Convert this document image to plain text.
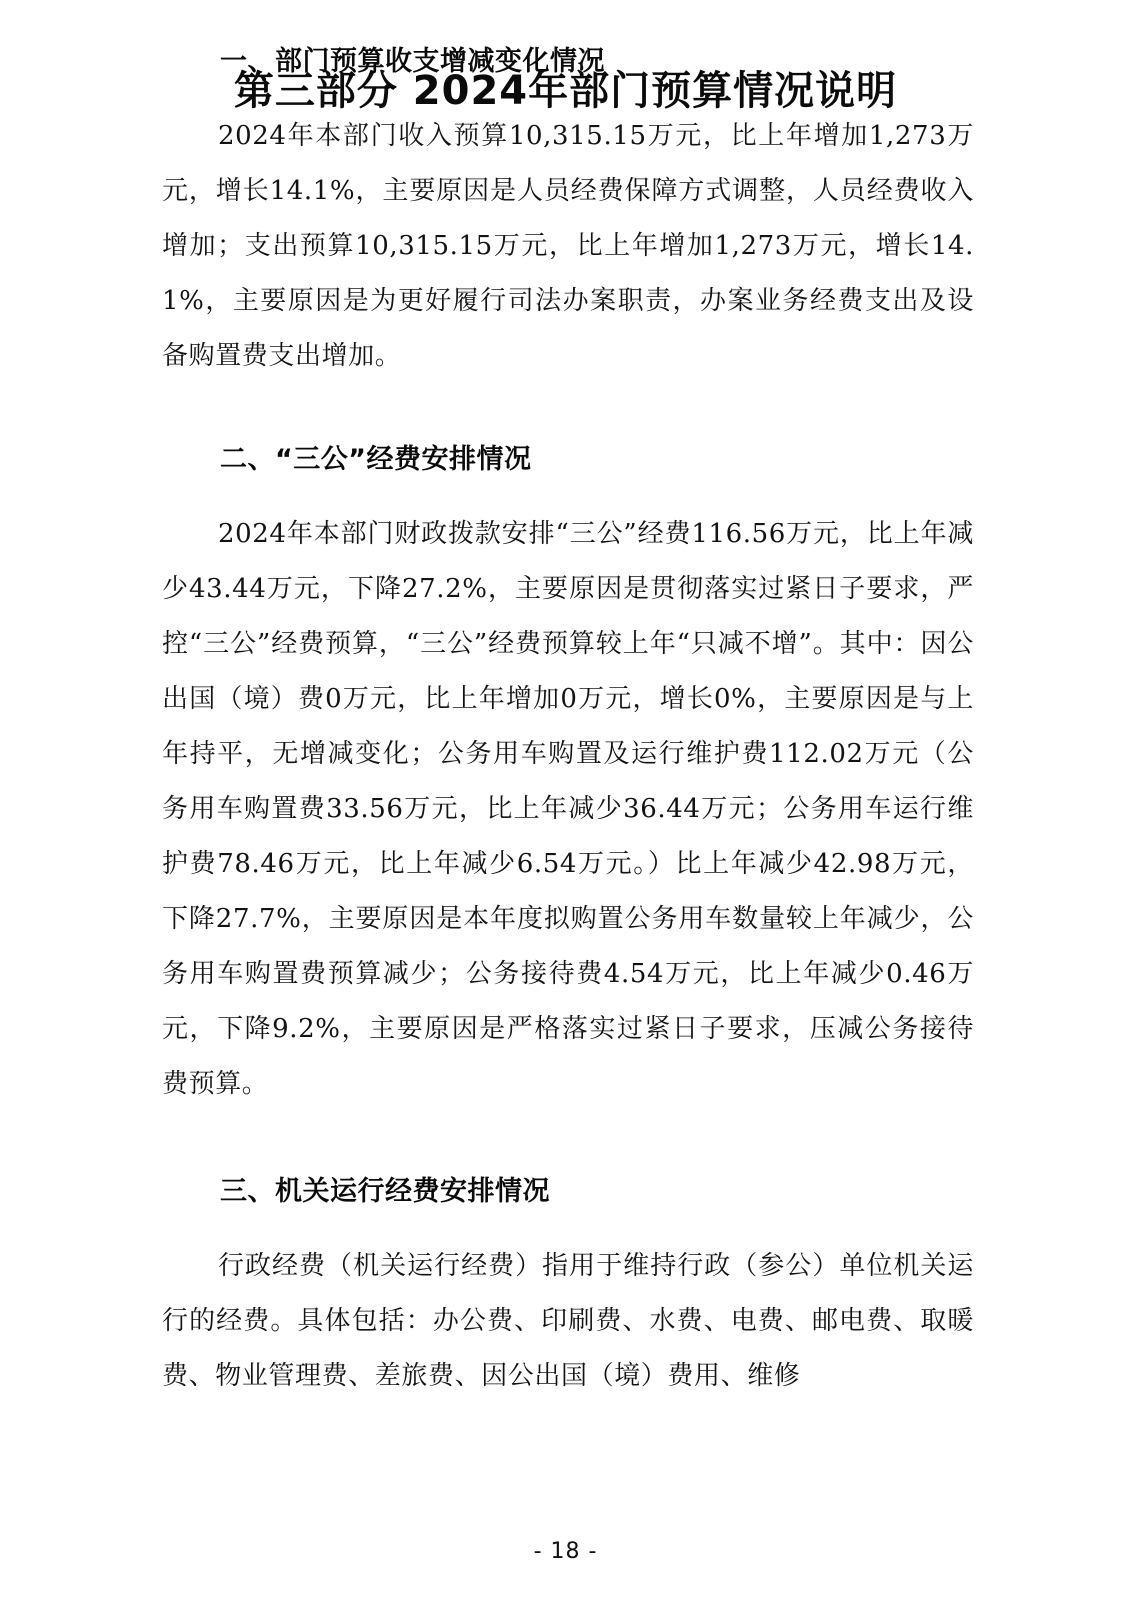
第三部分 2024年部门预算情况说明
一、部门预算收支增减变化情况

2024年本部门收入预算10,315.15万元，比上年增加1,273万元，增长14.1%，主要原因是人员经费保障方式调整，人员经费收入增加；支出预算10,315.15万元，比上年增加1,273万元，增长14.1%，主要原因是为更好履行司法办案职责，办案业务经费支出及设备购置费支出增加。

二、“三公”经费安排情况

2024年本部门财政拨款安排“三公”经费116.56万元，比上年减少43.44万元，下降27.2%，主要原因是贯彻落实过紧日子要求，严控“三公”经费预算，“三公”经费预算较上年“只减不增”。其中：因公出国（境）费0万元，比上年增加0万元，增长0%，主要原因是与上年持平，无增减变化；公务用车购置及运行维护费112.02万元（公务用车购置费33.56万元，比上年减少36.44万元；公务用车运行维护费78.46万元，比上年减少6.54万元。）比上年减少42.98万元，下降27.7%，主要原因是本年度拟购置公务用车数量较上年减少，公务用车购置费预算减少；公务接待费4.54万元，比上年减少0.46万元，下降9.2%，主要原因是严格落实过紧日子要求，压减公务接待费预算。

三、机关运行经费安排情况

行政经费（机关运行经费）指用于维持行政（参公）单位机关运行的经费。具体包括：办公费、印刷费、水费、电费、邮电费、取暖费、物业管理费、差旅费、因公出国（境）费用、维修

- 18 -
